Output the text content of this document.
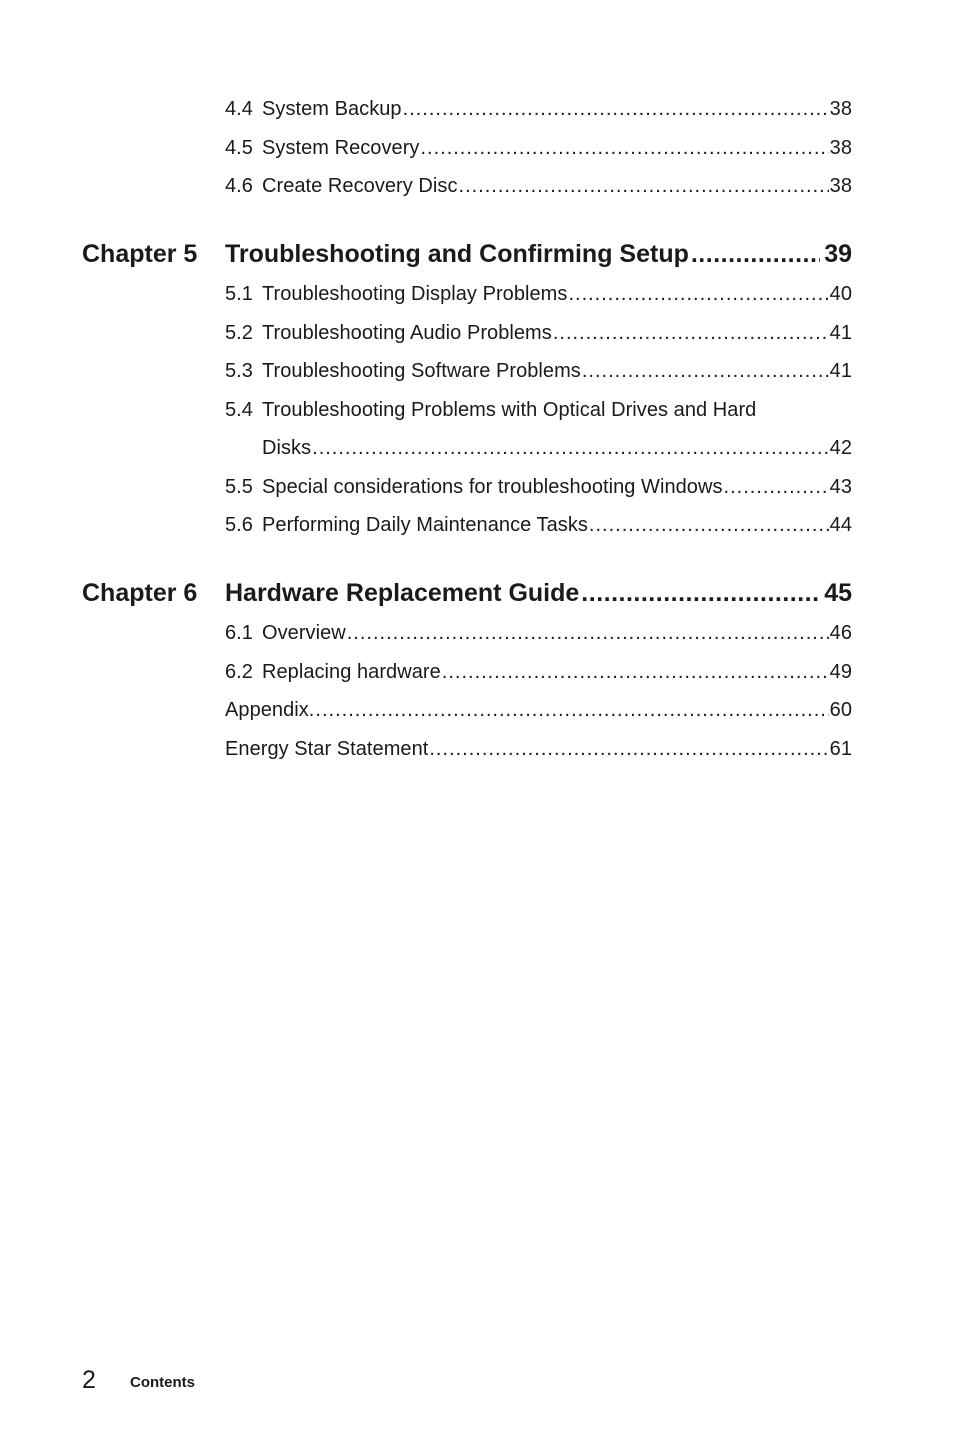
4.4 System Backup .....	38
4.5 System Recovery .....	38
4.6 Create Recovery Disc .....	38
Chapter 5	Troubleshooting and Confirming Setup .....	39
5.1 Troubleshooting Display Problems .....	40
5.2 Troubleshooting Audio Problems .....	41
5.3 Troubleshooting Software Problems .....	41
5.4 Troubleshooting Problems with Optical Drives and Hard
Disks .....	42
5.5 Special considerations for troubleshooting Windows .....	43
5.6 Performing Daily Maintenance Tasks .....	44
Chapter 6	Hardware Replacement Guide .....	45
6.1 Overview .....	46
6.2 Replacing hardware .....	49
Appendix. .....	60
Energy Star Statement .....	61
2 Contents
